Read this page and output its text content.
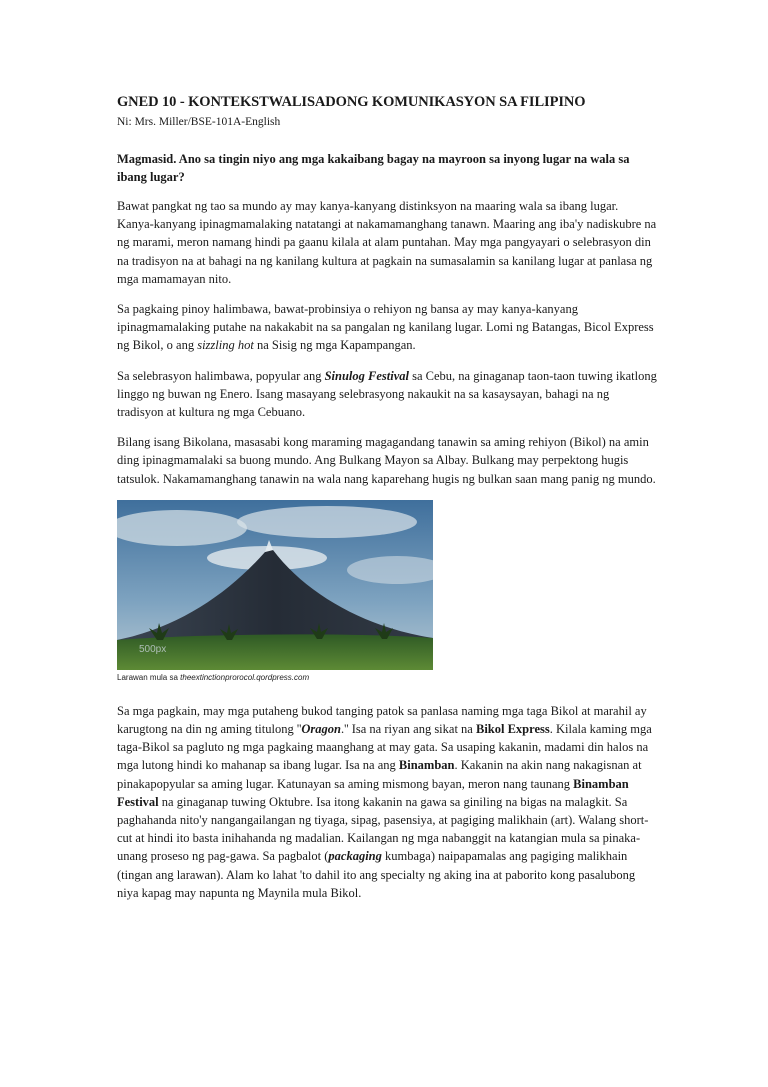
GNED 10 - KONTEKSTWALISADONG KOMUNIKASYON SA FILIPINO

Ni: Mrs. Miller/BSE-101A-English

Magmasid. Ano sa tingin niyo ang mga kakaibang bagay na mayroon sa inyong lugar na wala sa ibang lugar?

Bawat pangkat ng tao sa mundo ay may kanya-kanyang distinksyon na maaring wala sa ibang lugar. Kanya-kanyang ipinagmamalaking natatangi at nakamamanghang tanawn. Maaring ang iba'y nadiskubre na ng marami, meron namang hindi pa gaanu kilala at alam puntahan. May mga pangyayari o selebrasyon din na tradisyon na at bahagi na ng kanilang kultura at pagkain na sumasalamin sa kanilang lugar at panlasa ng mga mamamayan nito.

Sa pagkaing pinoy halimbawa, bawat-probinsiya o rehiyon ng bansa ay may kanya-kanyang ipinagmamalaking putahe na nakakabit na sa pangalan ng kanilang lugar. Lomi ng Batangas, Bicol Express ng Bikol, o ang sizzling hot na Sisig ng mga Kapampangan.

Sa selebrasyon halimbawa, popyular ang Sinulog Festival sa Cebu, na ginaganap taon-taon tuwing ikatlong linggo ng buwan ng Enero. Isang masayang selebrasyong nakaukit na sa kasaysayan, bahagi na ng tradisyon at kultura ng mga Cebuano.

Bilang isang Bikolana, masasabi kong maraming magagandang tanawin sa aming rehiyon (Bikol) na amin ding ipinagmamalaki sa buong mundo. Ang Bulkang Mayon sa Albay. Bulkang may perpektong hugis tatsulok. Nakamamanghang tanawin na wala nang kaparehang hugis ng bulkan saan mang panig ng mundo.

500px
Larawan mula sa theextinctionprorocol.qordpress.com

Sa mga pagkain, may mga putaheng bukod tanging patok sa panlasa naming mga taga Bikol at marahil ay karugtong na din ng aming titulong ''Oragon.'' Isa na riyan ang sikat na Bikol Express. Kilala kaming mga taga-Bikol sa pagluto ng mga pagkaing maanghang at may gata. Sa usaping kakanin, madami din halos na mga lutong hindi ko mahanap sa ibang lugar. Isa na ang Binamban. Kakanin na akin nang nakagisnan at pinakapopyular sa aming lugar. Katunayan sa aming mismong bayan, meron nang taunang Binamban Festival na ginaganap tuwing Oktubre. Isa itong kakanin na gawa sa giniling na bigas na malagkit. Sa paghahanda nito'y nangangailangan ng tiyaga, sipag, pasensiya, at pagiging malikhain (art). Walang short-cut at hindi ito basta inihahanda ng madalian. Kailangan ng mga nabanggit na katangian mula sa pinaka-unang proseso ng pag-gawa. Sa pagbalot (packaging kumbaga) naipapamalas ang pagiging malikhain (tingan ang larawan). Alam ko lahat 'to dahil ito ang specialty ng aking ina at paborito kong pasalubong niya kapag may napunta ng Maynila mula Bikol.
